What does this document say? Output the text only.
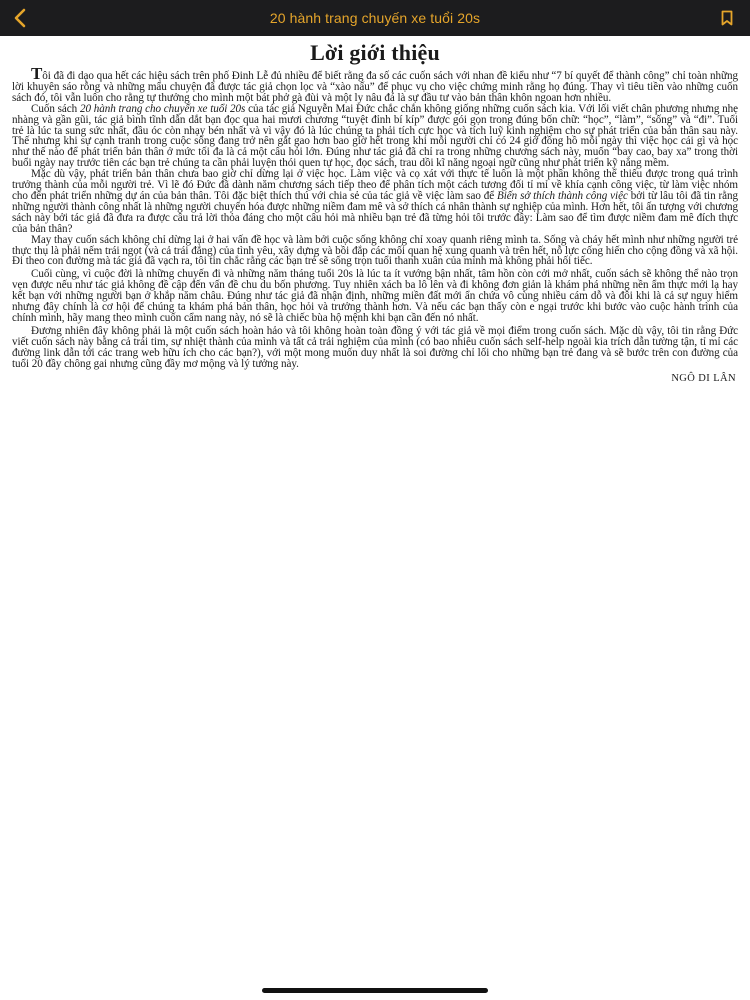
20 hành trang chuyến xe tuổi 20s
Lời giới thiệu

Tôi đã đi dạo qua hết các hiệu sách trên phố Đinh Lễ đủ nhiều để biết rằng đa số các cuốn sách với nhan đề kiểu như “7 bí quyết để thành công” chỉ toàn những lời khuyên sáo rỗng và những mẩu chuyện đã được tác giả chọn lọc và “xào nấu” để phục vụ cho việc chứng minh rằng họ đúng. Thay vì tiêu tiền vào những cuốn sách đó, tôi vẫn luôn cho rằng tự thưởng cho mình một bát phở gà đùi và một ly nâu đá là sự đầu tư vào bản thân khôn ngoan hơn nhiều.

Cuốn sách 20 hành trang cho chuyến xe tuổi 20s của tác giả Nguyễn Mai Đức chắc chắn không giống những cuốn sách kia. Với lối viết chân phương nhưng nhẹ nhàng và gần gũi, tác giả bình tĩnh dẫn dắt bạn đọc qua hai mươi chương “tuyệt đỉnh bí kíp” được gói gọn trong đúng bốn chữ: “học”, “làm”, “sống” và “đi”. Tuổi trẻ là lúc ta sung sức nhất, đầu óc còn nhạy bén nhất và vì vậy đó là lúc chúng ta phải tích cực học và tích luỹ kinh nghiệm cho sự phát triển của bản thân sau này. Thế nhưng khi sự cạnh tranh trong cuộc sống đang trở nên gắt gao hơn bao giờ hết trong khi mỗi người chỉ có 24 giờ đồng hồ mỗi ngày thì việc học cái gì và học như thế nào để phát triển bản thân ở mức tối đa là cả một câu hỏi lớn. Đúng như tác giả đã chỉ ra trong những chương sách này, muốn “bay cao, bay xa” trong thời buổi ngày nay trước tiên các bạn trẻ chúng ta cần phải luyện thói quen tự học, đọc sách, trau dồi kĩ năng ngoại ngữ cũng như phát triển kỹ năng mềm.

Mặc dù vậy, phát triển bản thân chưa bao giờ chỉ dừng lại ở việc học. Làm việc và cọ xát với thực tế luôn là một phần không thể thiếu được trong quá trình trưởng thành của mỗi người trẻ. Vì lẽ đó Đức đã dành năm chương sách tiếp theo để phân tích một cách tương đối tỉ mỉ về khía cạnh công việc, từ làm việc nhóm cho đến phát triển những dự án của bản thân. Tôi đặc biệt thích thú với chia sẻ của tác giả về việc làm sao để Biến sở thích thành công việc bởi từ lâu tôi đã tin rằng những người thành công nhất là những người chuyển hóa được những niềm đam mê và sở thích cá nhân thành sự nghiệp của mình. Hơn hết, tôi ấn tượng với chương sách này bởi tác giả đã đưa ra được câu trả lời thỏa đáng cho một câu hỏi mà nhiều bạn trẻ đã từng hỏi tôi trước đây: Làm sao để tìm được niềm đam mê đích thực của bản thân?

May thay cuốn sách không chỉ dừng lại ở hai vấn đề học và làm bởi cuộc sống không chỉ xoay quanh riêng mình ta. Sống và cháy hết mình như những người trẻ thực thụ là phải nếm trái ngọt (và cả trái đắng) của tình yêu, xây dựng và bồi đắp các mối quan hệ xung quanh và trên hết, nỗ lực cống hiến cho cộng đồng và xã hội. Đi theo con đường mà tác giả đã vạch ra, tôi tin chắc rằng các bạn trẻ sẽ sống trọn tuổi thanh xuân của mình mà không phải hối tiếc.

Cuối cùng, vì cuộc đời là những chuyến đi và những năm tháng tuổi 20s là lúc ta ít vướng bận nhất, tâm hồn còn cởi mở nhất, cuốn sách sẽ không thể nào trọn vẹn được nếu như tác giả không đề cập đến vấn đề chu du bốn phương. Tuy nhiên xách ba lô lên và đi không đơn giản là khám phá những nền ẩm thực mới lạ hay kết bạn với những người bạn ở khắp năm châu. Đúng như tác giả đã nhận định, những miền đất mới ẩn chứa vô cùng nhiều cám dỗ và đôi khi là cả sự nguy hiểm nhưng đây chính là cơ hội để chúng ta khám phá bản thân, học hỏi và trưởng thành hơn. Và nếu các bạn thấy còn e ngại trước khi bước vào cuộc hành trình của chính mình, hãy mang theo mình cuốn cẩm nang này, nó sẽ là chiếc bùa hộ mệnh khi bạn cần đến nó nhất.

Đương nhiên đây không phải là một cuốn sách hoàn hảo và tôi không hoàn toàn đồng ý với tác giả về mọi điểm trong cuốn sách. Mặc dù vậy, tôi tin rằng Đức viết cuốn sách này bằng cả trái tim, sự nhiệt thành của mình và tất cả trải nghiệm của mình (có bao nhiêu cuốn sách self-help ngoài kia trích dẫn tường tận, tỉ mỉ các đường link dẫn tới các trang web hữu ích cho các bạn?), với một mong muốn duy nhất là soi đường chỉ lối cho những bạn trẻ đang và sẽ bước trên con đường của tuổi 20 đầy chông gai nhưng cũng đầy mơ mộng và lý tưởng này.

NGÔ DI LÂN
